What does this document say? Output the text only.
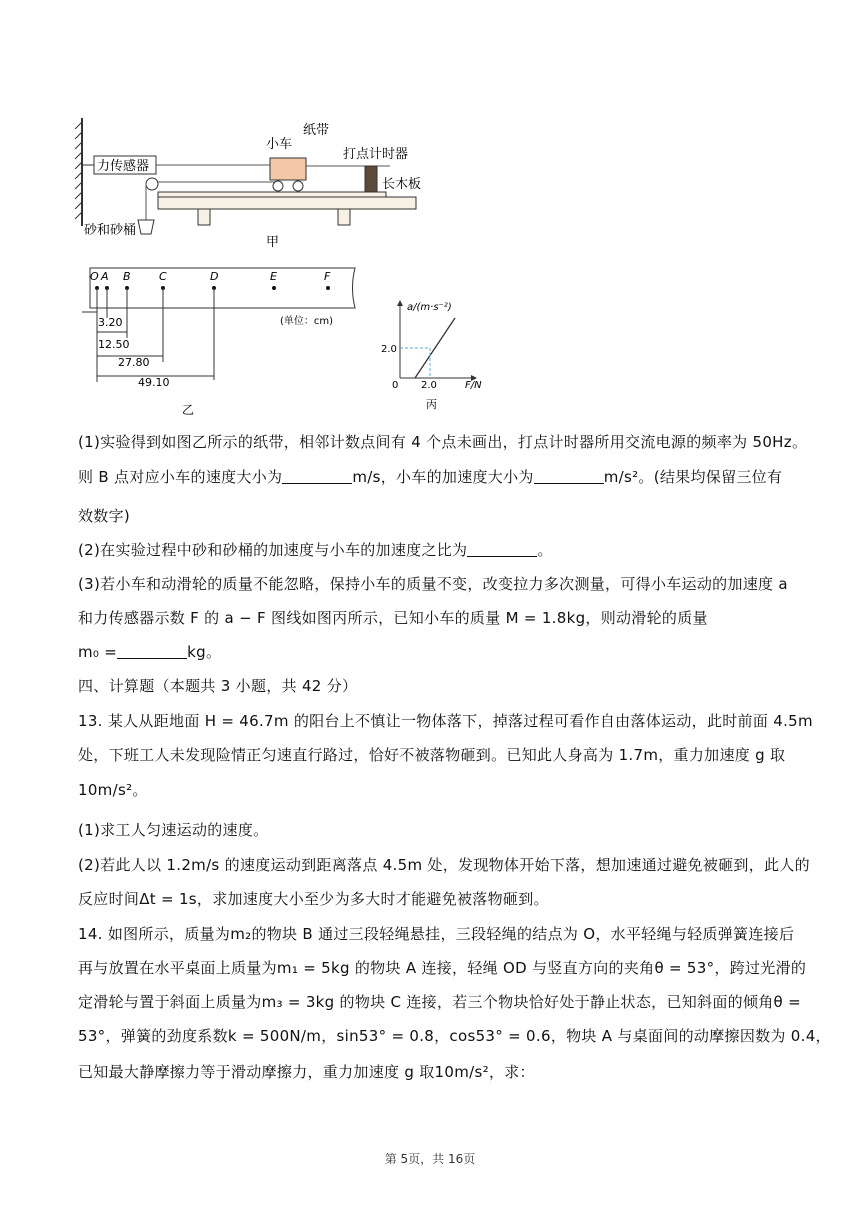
力传感器
小车
纸带
打点计时器
长木板
砂和砂桶
甲
O A B	C	D	E	F
(单位：cm)
3.20
12.50
27.80
49.10
乙
a/(m·s⁻²)
F/N
2.0
2.0
0
丙
(1)实验得到如图乙所示的纸带，相邻计数点间有 4 个点未画出，打点计时器所用交流电源的频率为 50Hz。
则 B 点对应小车的速度大小为	m/s，小车的加速度大小为	m/s²。(结果均保留三位有
效数字)
(2)在实验过程中砂和砂桶的加速度与小车的加速度之比为	。
(3)若小车和动滑轮的质量不能忽略，保持小车的质量不变，改变拉力多次测量，可得小车运动的加速度 a
和力传感器示数 F 的 a − F 图线如图丙所示，已知小车的质量 M = 1.8kg，则动滑轮的质量
m₀ =	kg。
四、计算题（本题共 3 小题，共 42 分）
13. 某人从距地面 H = 46.7m 的阳台上不慎让一物体落下，掉落过程可看作自由落体运动，此时前面 4.5m
处，下班工人未发现险情正匀速直行路过，恰好不被落物砸到。已知此人身高为 1.7m，重力加速度 g 取
10m/s²。
(1)求工人匀速运动的速度。
(2)若此人以 1.2m/s 的速度运动到距离落点 4.5m 处，发现物体开始下落，想加速通过避免被砸到，此人的
反应时间Δt = 1s，求加速度大小至少为多大时才能避免被落物砸到。
14. 如图所示，质量为m₂的物块 B 通过三段轻绳悬挂，三段轻绳的结点为 O，水平轻绳与轻质弹簧连接后
再与放置在水平桌面上质量为m₁ = 5kg 的物块 A 连接，轻绳 OD 与竖直方向的夹角θ = 53°，跨过光滑的
定滑轮与置于斜面上质量为m₃ = 3kg 的物块 C 连接，若三个物块恰好处于静止状态，已知斜面的倾角θ =
53°，弹簧的劲度系数k = 500N/m，sin53° = 0.8，cos53° = 0.6，物块 A 与桌面间的动摩擦因数为 0.4，
已知最大静摩擦力等于滑动摩擦力，重力加速度 g 取10m/s²，求：
第 5页，共 16页
